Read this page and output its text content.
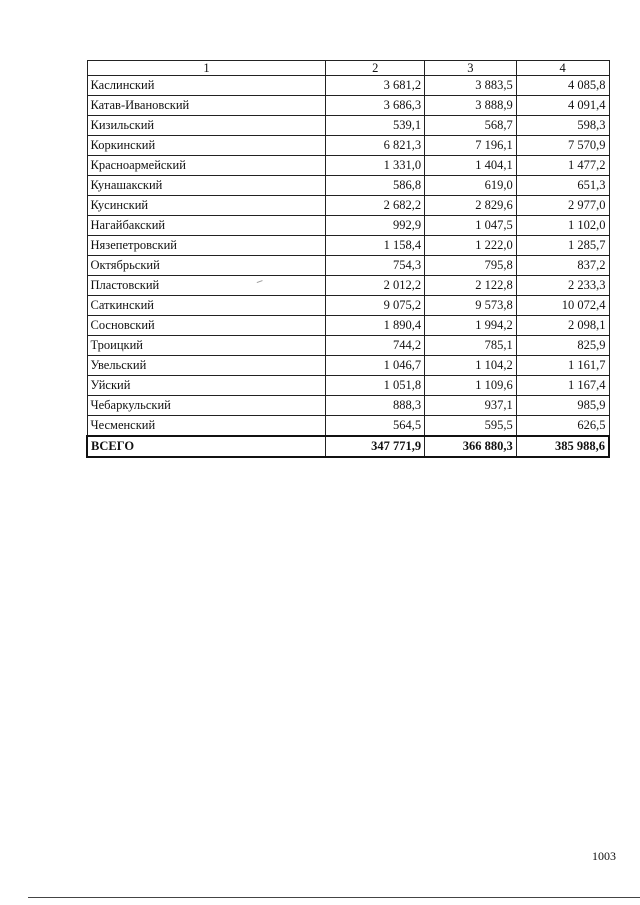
1	2	3	4
Каслинский	3 681,2	3 883,5	4 085,8
Катав-Ивановский	3 686,3	3 888,9	4 091,4
Кизильский	539,1	568,7	598,3
Коркинский	6 821,3	7 196,1	7 570,9
Красноармейский	1 331,0	1 404,1	1 477,2
Кунашакский	586,8	619,0	651,3
Кусинский	2 682,2	2 829,6	2 977,0
Нагайбакский	992,9	1 047,5	1 102,0
Нязепетровский	1 158,4	1 222,0	1 285,7
Октябрьский	754,3	795,8	837,2
Пластовский	2 012,2	2 122,8	2 233,3
Саткинский	9 075,2	9 573,8	10 072,4
Сосновский	1 890,4	1 994,2	2 098,1
Троицкий	744,2	785,1	825,9
Увельский	1 046,7	1 104,2	1 161,7
Уйский	1 051,8	1 109,6	1 167,4
Чебаркульский	888,3	937,1	985,9
Чесменский	564,5	595,5	626,5
ВСЕГО	347 771,9	366 880,3	385 988,6
1003
